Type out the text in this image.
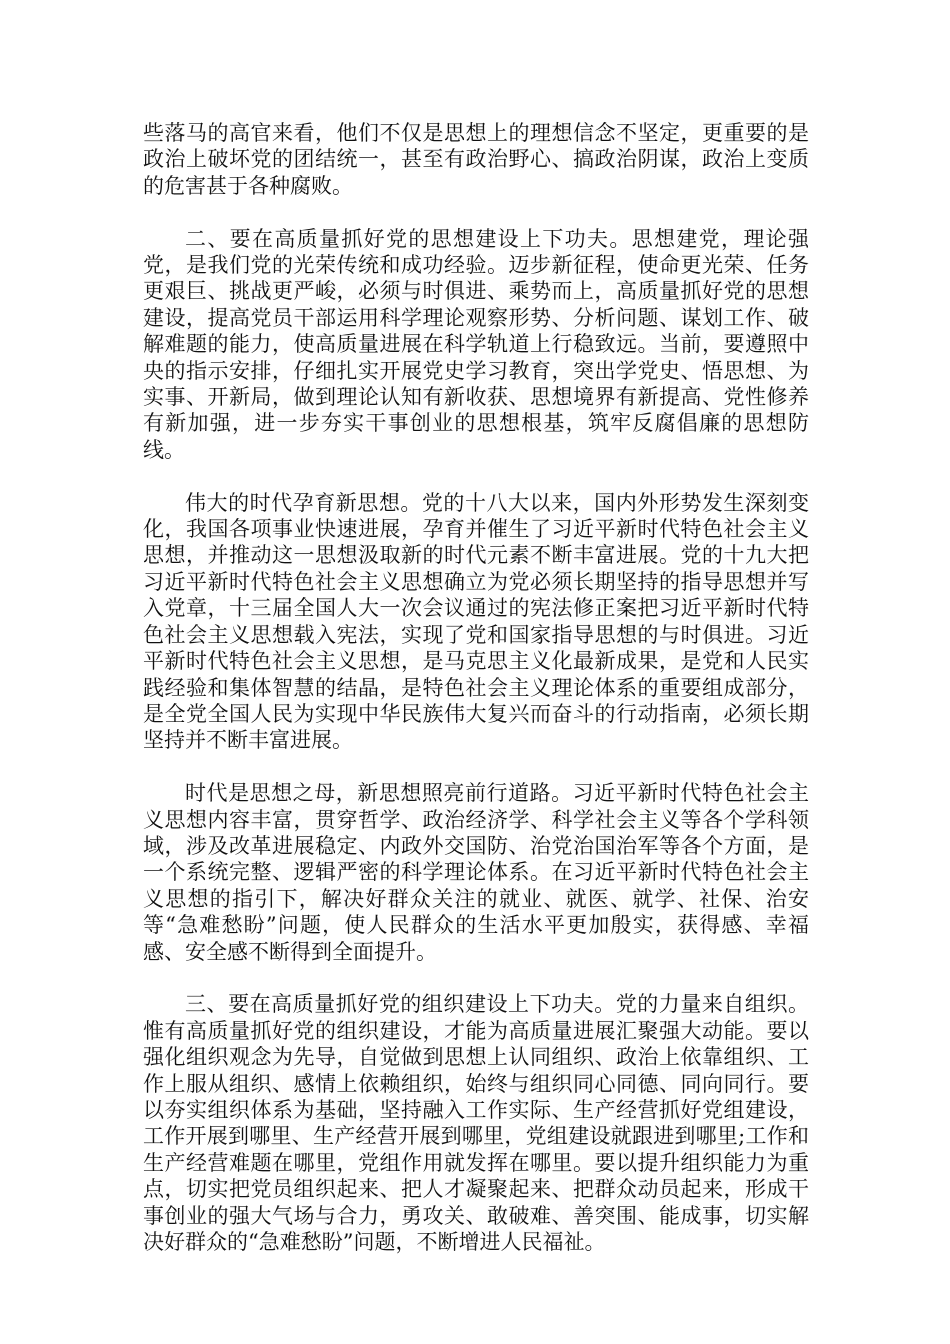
些落马的高官来看，他们不仅是思想上的理想信念不坚定，更重要的是政治上破坏党的团结统一，甚至有政治野心、搞政治阴谋，政治上变质的危害甚于各种腐败。

二、要在高质量抓好党的思想建设上下功夫。思想建党，理论强党，是我们党的光荣传统和成功经验。迈步新征程，使命更光荣、任务更艰巨、挑战更严峻，必须与时俱进、乘势而上，高质量抓好党的思想建设，提高党员干部运用科学理论观察形势、分析问题、谋划工作、破解难题的能力，使高质量进展在科学轨道上行稳致远。当前，要遵照中央的指示安排，仔细扎实开展党史学习教育，突出学党史、悟思想、为实事、开新局，做到理论认知有新收获、思想境界有新提高、党性修养有新加强，进一步夯实干事创业的思想根基，筑牢反腐倡廉的思想防线。

伟大的时代孕育新思想。党的十八大以来，国内外形势发生深刻变化，我国各项事业快速进展，孕育并催生了习近平新时代特色社会主义思想，并推动这一思想汲取新的时代元素不断丰富进展。党的十九大把习近平新时代特色社会主义思想确立为党必须长期坚持的指导思想并写入党章，十三届全国人大一次会议通过的宪法修正案把习近平新时代特色社会主义思想载入宪法，实现了党和国家指导思想的与时俱进。习近平新时代特色社会主义思想，是马克思主义化最新成果，是党和人民实践经验和集体智慧的结晶，是特色社会主义理论体系的重要组成部分，是全党全国人民为实现中华民族伟大复兴而奋斗的行动指南，必须长期坚持并不断丰富进展。

时代是思想之母，新思想照亮前行道路。习近平新时代特色社会主义思想内容丰富，贯穿哲学、政治经济学、科学社会主义等各个学科领域，涉及改革进展稳定、内政外交国防、治党治国治军等各个方面，是一个系统完整、逻辑严密的科学理论体系。在习近平新时代特色社会主义思想的指引下，解决好群众关注的就业、就医、就学、社保、治安等“急难愁盼”问题，使人民群众的生活水平更加殷实，获得感、幸福感、安全感不断得到全面提升。

三、要在高质量抓好党的组织建设上下功夫。党的力量来自组织。惟有高质量抓好党的组织建设，才能为高质量进展汇聚强大动能。要以强化组织观念为先导，自觉做到思想上认同组织、政治上依靠组织、工作上服从组织、感情上依赖组织，始终与组织同心同德、同向同行。要以夯实组织体系为基础，坚持融入工作实际、生产经营抓好党组建设，工作开展到哪里、生产经营开展到哪里，党组建设就跟进到哪里;工作和生产经营难题在哪里，党组作用就发挥在哪里。要以提升组织能力为重点，切实把党员组织起来、把人才凝聚起来、把群众动员起来，形成干事创业的强大气场与合力，勇攻关、敢破难、善突围、能成事，切实解决好群众的“急难愁盼”问题，不断增进人民福祉。
